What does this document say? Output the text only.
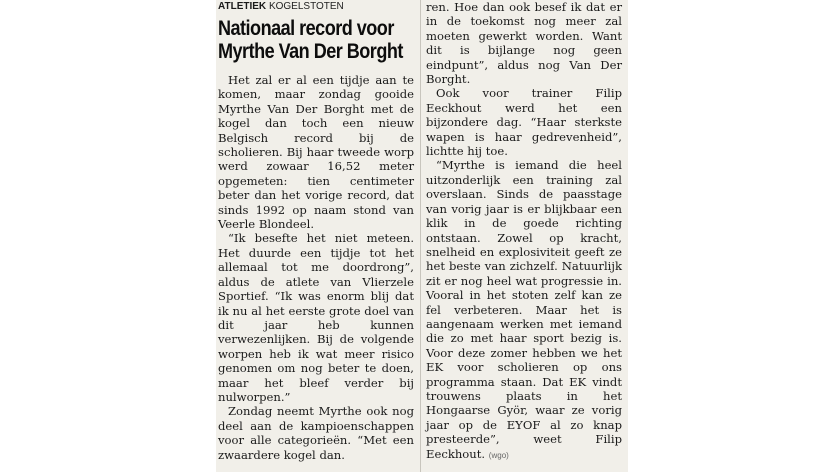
ATLETIEK KOGELSTOTEN
Nationaal record voor
Myrthe Van Der Borght

Het zal er al een tijdje aan te komen, maar zondag gooide Myrthe Van Der Borght met de kogel dan toch een nieuw Belgisch record bij de scholieren. Bij haar tweede worp werd zowaar 16,52 meter opgemeten: tien centimeter beter dan het vorige record, dat sinds 1992 op naam stond van Veerle Blondeel.

“Ik besefte het niet meteen. Het duurde een tijdje tot het allemaal tot me doordrong”, aldus de atlete van Vlierzele Sportief. “Ik was enorm blij dat ik nu al het eerste grote doel van dit jaar heb kunnen verwezenlijken. Bij de volgende worpen heb ik wat meer risico genomen om nog beter te doen, maar het bleef verder bij nulworpen.”

Zondag neemt Myrthe ook nog deel aan de kampioenschappen voor alle categorieën. “Met een zwaardere kogel dan.

ren. Hoe dan ook besef ik dat er in de toekomst nog meer zal moeten gewerkt worden. Want dit is bijlange nog geen eindpunt”, aldus nog Van Der Borght.

Ook voor trainer Filip Eeckhout werd het een bijzondere dag. “Haar sterkste wapen is haar gedrevenheid”, lichtte hij toe.

“Myrthe is iemand die heel uitzonderlijk een training zal overslaan. Sinds de paasstage van vorig jaar is er blijkbaar een klik in de goede richting ontstaan. Zowel op kracht, snelheid en explosiviteit geeft ze het beste van zichzelf. Natuurlijk zit er nog heel wat progressie in. Vooral in het stoten zelf kan ze fel verbeteren. Maar het is aangenaam werken met iemand die zo met haar sport bezig is. Voor deze zomer hebben we het EK voor scholieren op ons programma staan. Dat EK vindt trouwens plaats in het Hongaarse Györ, waar ze vorig jaar op de EYOF al zo knap presteerde”, weet Filip Eeckhout. (wgo)
